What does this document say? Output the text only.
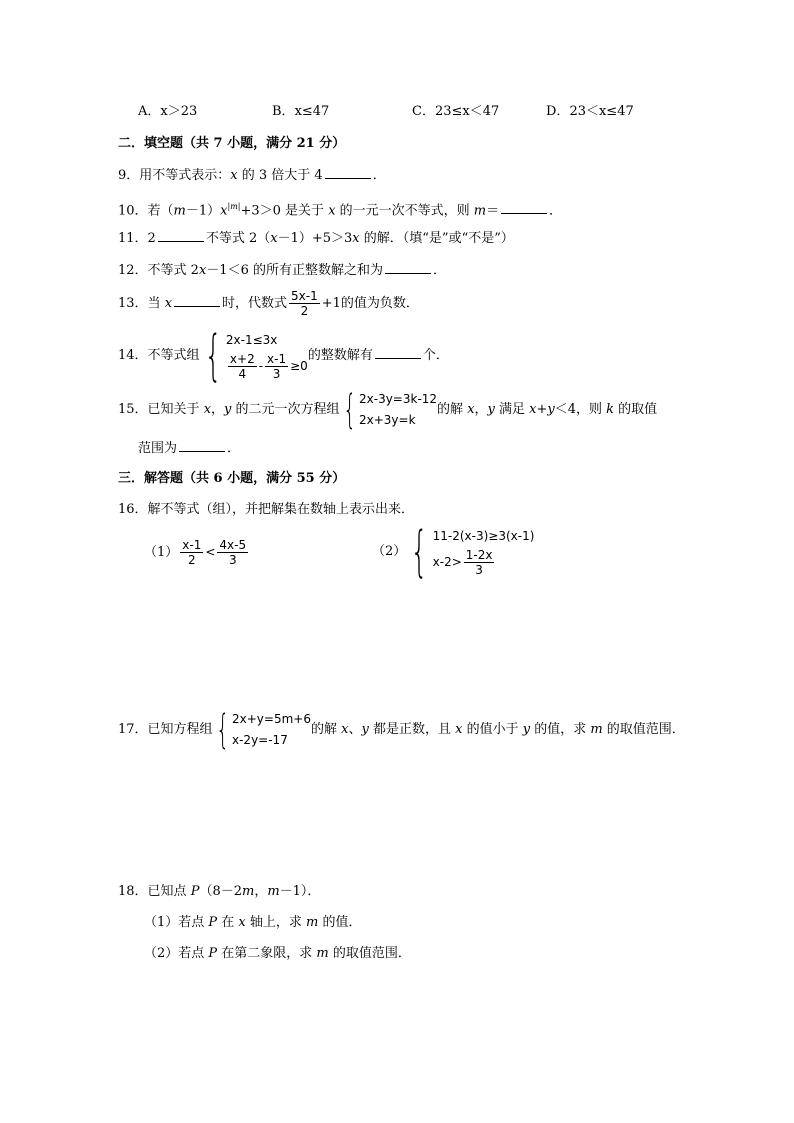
A．x＞23	B．x≤47	C．23≤x＜47	D．23＜x≤47
二．填空题（共 7 小题，满分 21 分）
9．用不等式表示：x 的 3 倍大于 4	．
10．若$(m-1)x^{|m|}+3>0$ 是关于 x 的一元一次不等式，则 m＝	．
11．2	不等式 2（x－1）+5＞3x 的解．（填“是”或“不是”）
12．不等式 2x－1＜6 的所有正整数解之和为	．
13．当 x	时，代数式 $\frac{5x-1}{2} +1$的值为负数．
14．不等式组{ 2x-1≤3x
$\frac{x+2}{4} - \frac{x-1}{3} \ge 0$
的整数解有	个．
15．已知关于 x，y 的二元一次方程组{ 2x-3y=3k-12
2x+3y=k
的解 x，y 满足 x+y＜4，则 k 的取值
范围为	．
三．解答题（共 6 小题，满分 55 分）
16．解不等式（组），并把解集在数轴上表示出来．
$(1) \frac{x-1}{2} < \frac{4x-5}{3}$	（2）{ 11-2(x-3)≥3(x-1)
$x-2> \frac{1-2x}{3}$
17．已知方程组{ 2x+y=5m+6
x-2y=-17
的解 x、y 都是正数，且 x 的值小于 y 的值，求 m 的取值范围．
18．已知点 P（8－2m，m－1）．
（1）若点 P 在 x 轴上，求 m 的值．
（2）若点 P 在第二象限，求 m 的取值范围．
